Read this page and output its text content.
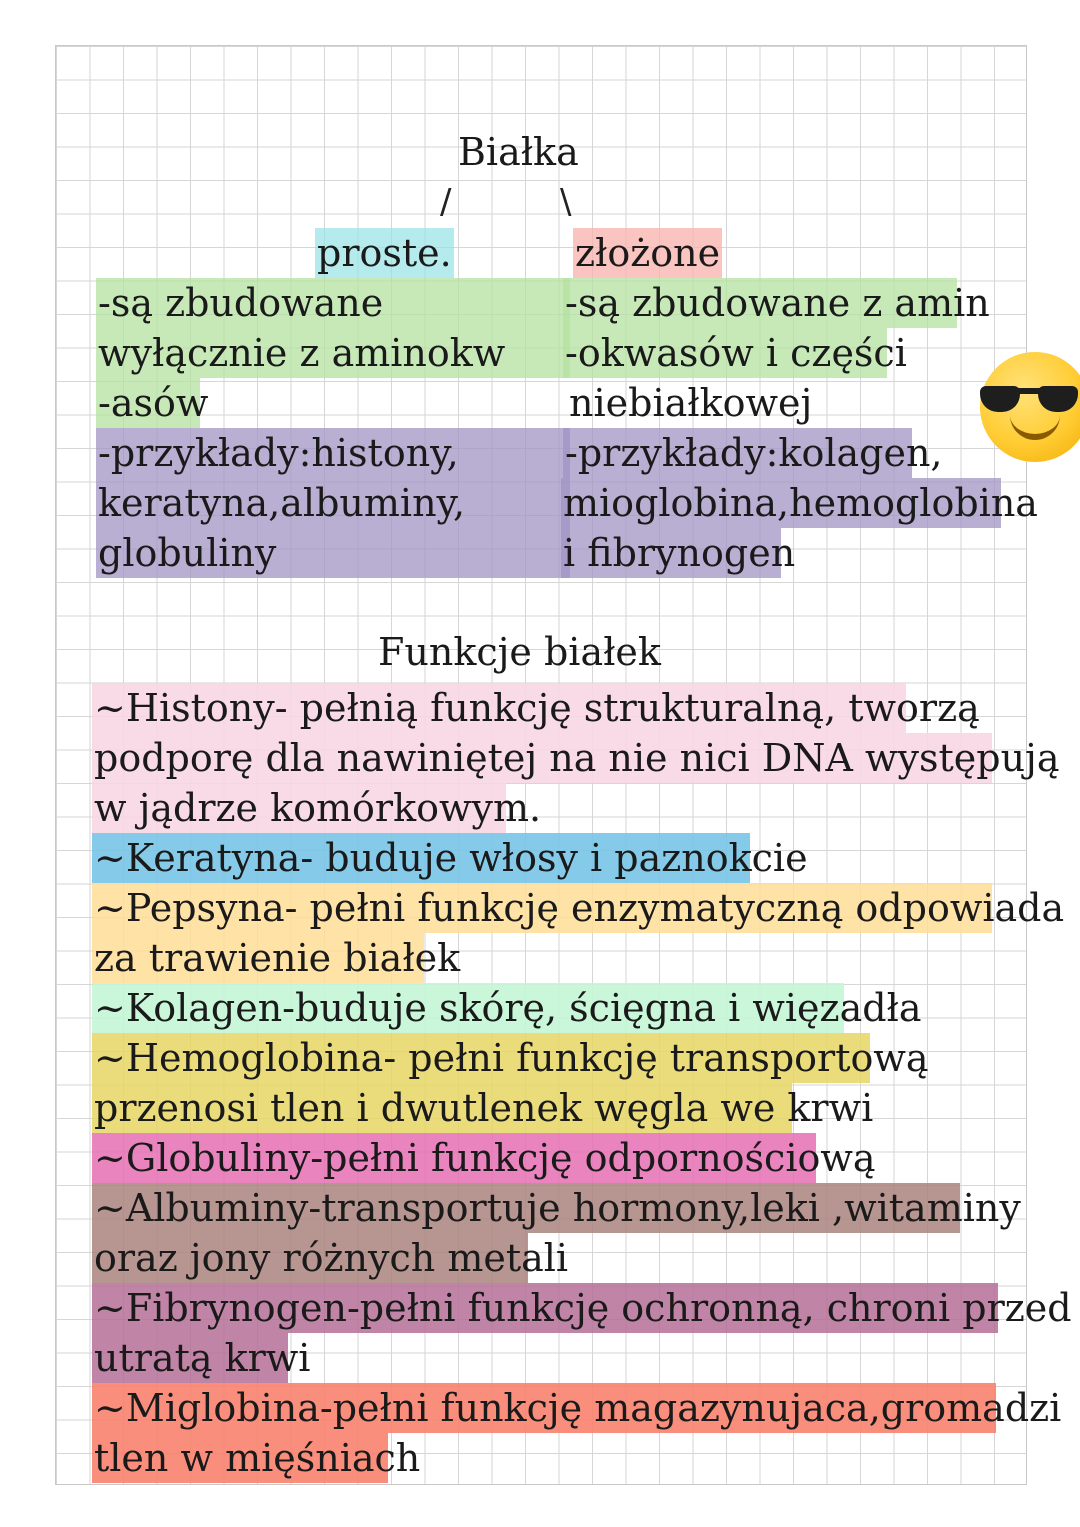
Białka
/	\
proste.	złożone
-są zbudowane
wyłącznie z aminokw
-asów
-przykłady:histony,
keratyna,albuminy,
globuliny
-są zbudowane z amin
-okwasów i części
niebiałkowej
-przykłady:kolagen,
mioglobina,hemoglobina
i fibrynogen
Funkcje białek
~Histony- pełnią funkcję strukturalną, tworzą
podporę dla nawiniętej na nie nici DNA występują
w jądrze komórkowym.
~Keratyna- buduje włosy i paznokcie
~Pepsyna- pełni funkcję enzymatyczną odpowiada
za trawienie białek
~Kolagen-buduje skórę, ścięgna i więzadła
~Hemoglobina- pełni funkcję transportową
przenosi tlen i dwutlenek węgla we krwi
~Globuliny-pełni funkcję odpornościową
~Albuminy-transportuje hormony,leki ,witaminy
oraz jony różnych metali
~Fibrynogen-pełni funkcję ochronną, chroni przed
utratą krwi
~Miglobina-pełni funkcję magazynujaca,gromadzi
tlen w mięśniach
